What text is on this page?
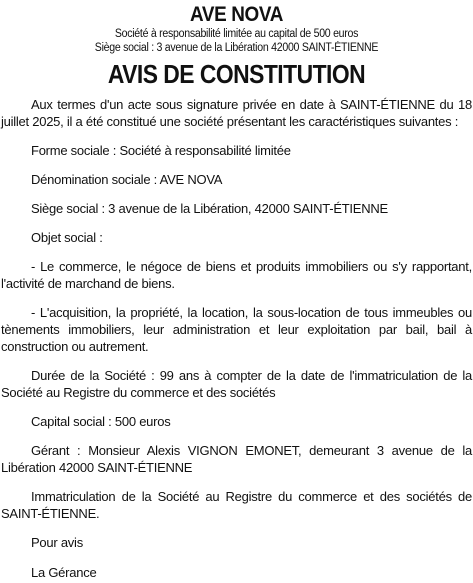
AVE NOVA
Société à responsabilité limitée au capital de 500 euros
Siège social : 3 avenue de la Libération 42000 SAINT-ÉTIENNE
AVIS DE CONSTITUTION

Aux termes d'un acte sous signature privée en date à SAINT-ÉTIENNE du 18 juillet 2025, il a été constitué une société présentant les caractéristiques suivantes :

Forme sociale : Société à responsabilité limitée

Dénomination sociale : AVE NOVA

Siège social : 3 avenue de la Libération, 42000 SAINT-ÉTIENNE

Objet social :

- Le commerce, le négoce de biens et produits immobiliers ou s'y rapportant, l'activité de marchand de biens.

- L'acquisition, la propriété, la location, la sous-location de tous immeubles ou tènements immobiliers, leur administration et leur exploitation par bail, bail à construction ou autrement.

Durée de la Société : 99 ans à compter de la date de l'immatriculation de la Société au Registre du commerce et des sociétés

Capital social : 500 euros

Gérant : Monsieur Alexis VIGNON EMONET, demeurant 3 avenue de la Libération 42000 SAINT-ÉTIENNE

Immatriculation de la Société au Registre du commerce et des sociétés de SAINT-ÉTIENNE.

Pour avis

La Gérance
